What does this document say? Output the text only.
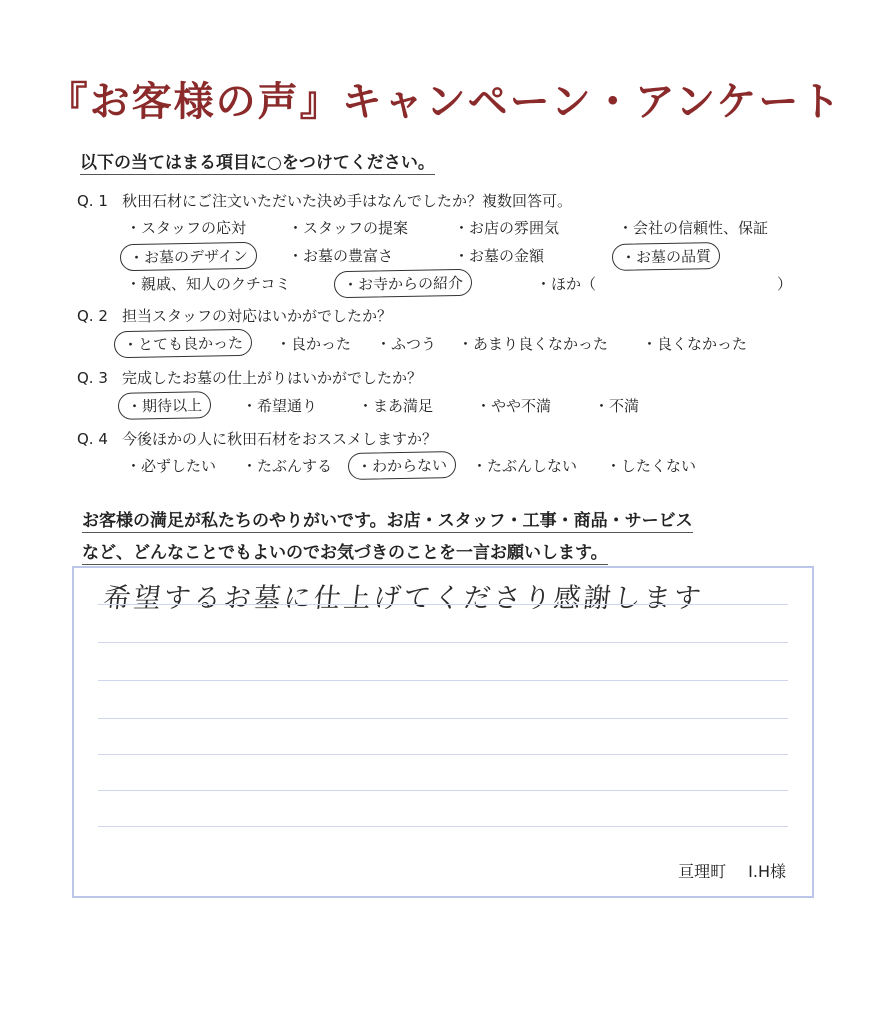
『お客様の声』キャンペーン・アンケート
以下の当てはまる項目に○をつけてください。
Q. 1 秋田石材にご注文いただいた決め手はなんでしたか？複数回答可。
・スタッフの応対	・スタッフの提案	・お店の雰囲気	・会社の信頼性、保証
・お墓のデザイン	・お墓の豊富さ	・お墓の金額	・お墓の品質
・親戚、知人のクチコミ	・お寺からの紹介	・ほか（	）
Q. 2 担当スタッフの対応はいかがでしたか？
・とても良かった	・良かった	・ふつう	・あまり良くなかった	・良くなかった
Q. 3 完成したお墓の仕上がりはいかがでしたか？
・期待以上	・希望通り	・まあ満足	・やや不満	・不満
Q. 4 今後ほかの人に秋田石材をおススメしますか？
・必ずしたい	・たぶんする	・わからない	・たぶんしない	・したくない
お客様の満足が私たちのやりがいです。お店・スタッフ・工事・商品・サービス
など、どんなことでもよいのでお気づきのことを一言お願いします。
希望するお墓に仕上げてくださり感謝します
亘理町 I.H様
